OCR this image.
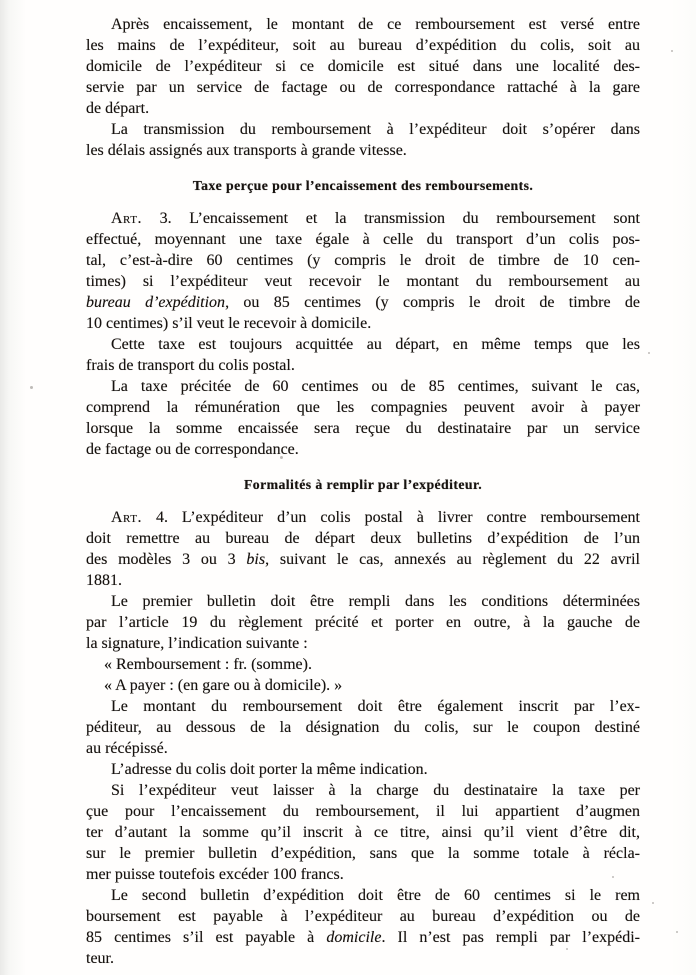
Après encaissement, le montant de ce remboursement est versé entre
les mains de l’expéditeur, soit au bureau d’expédition du colis, soit au
domicile de l’expéditeur si ce domicile est situé dans une localité des-
servie par un service de factage ou de correspondance rattaché à la gare
de départ.
La transmission du remboursement à l’expéditeur doit s’opérer dans
les délais assignés aux transports à grande vitesse.
Taxe perçue pour l’encaissement des remboursements.
Art. 3. L’encaissement et la transmission du remboursement sont
effectué, moyennant une taxe égale à celle du transport d’un colis pos-
tal, c’est-à-dire 60 centimes (y compris le droit de timbre de 10 cen-
times) si l’expéditeur veut recevoir le montant du remboursement au
bureau d’expédition, ou 85 centimes (y compris le droit de timbre de
10 centimes) s’il veut le recevoir à domicile.
Cette taxe est toujours acquittée au départ, en même temps que les
frais de transport du colis postal.
La taxe précitée de 60 centimes ou de 85 centimes, suivant le cas,
comprend la rémunération que les compagnies peuvent avoir à payer
lorsque la somme encaissée sera reçue du destinataire par un service
de factage ou de correspondance.
Formalités à remplir par l’expéditeur.
Art. 4. L’expéditeur d’un colis postal à livrer contre remboursement
doit remettre au bureau de départ deux bulletins d’expédition de l’un
des modèles 3 ou 3 bis, suivant le cas, annexés au règlement du 22 avril
1881.
Le premier bulletin doit être rempli dans les conditions déterminées
par l’article 19 du règlement précité et porter en outre, à la gauche de
la signature, l’indication suivante :
« Remboursement : fr. (somme).
« A payer : (en gare ou à domicile). »
Le montant du remboursement doit être également inscrit par l’ex-
péditeur, au dessous de la désignation du colis, sur le coupon destiné
au récépissé.
L’adresse du colis doit porter la même indication.
Si l’expéditeur veut laisser à la charge du destinataire la taxe per
çue pour l’encaissement du remboursement, il lui appartient d’augmen
ter d’autant la somme qu’il inscrit à ce titre, ainsi qu’il vient d’être dit,
sur le premier bulletin d’expédition, sans que la somme totale à récla-
mer puisse toutefois excéder 100 francs.
Le second bulletin d’expédition doit être de 60 centimes si le rem
boursement est payable à l’expéditeur au bureau d’expédition ou de
85 centimes s’il est payable à domicile. Il n’est pas rempli par l’expédi-
teur.
